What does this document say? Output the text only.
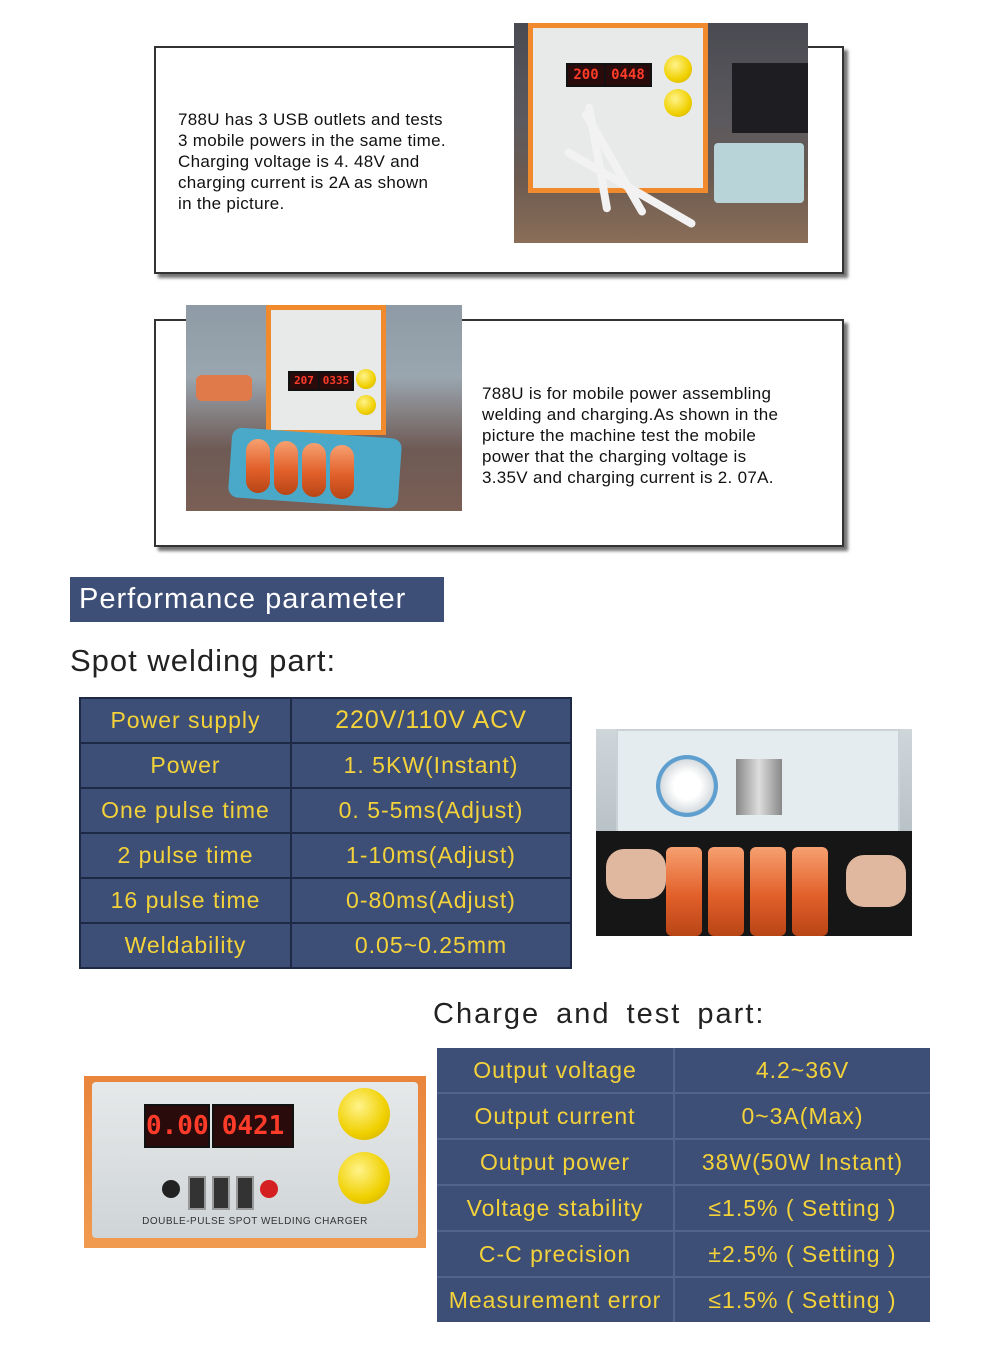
788U has 3 USB outlets and tests
3 mobile powers in the same time.
Charging voltage is 4. 48V and
charging current is 2A as shown
in the picture.

200 0448
207 0335

788U is for mobile power assembling
welding and charging.As shown in the
picture the machine test the mobile
power that the charging voltage is
3.35V and charging current is 2. 07A.

Performance parameter
Spot welding part:
Power supply	220V/110V ACV
Power	1. 5KW(Instant)
One pulse time	0. 5-5ms(Adjust)
2 pulse time	1-10ms(Adjust)
16 pulse time	0-80ms(Adjust)
Weldability	0.05~0.25mm
Charge and test part:
0.00 0421
DOUBLE-PULSE SPOT WELDING CHARGER
Output voltage	4.2~36V
Output current	0~3A(Max)
Output power	38W(50W Instant)
Voltage stability	≤1.5% ( Setting )
C-C precision	±2.5% ( Setting )
Measurement error	≤1.5% ( Setting )
